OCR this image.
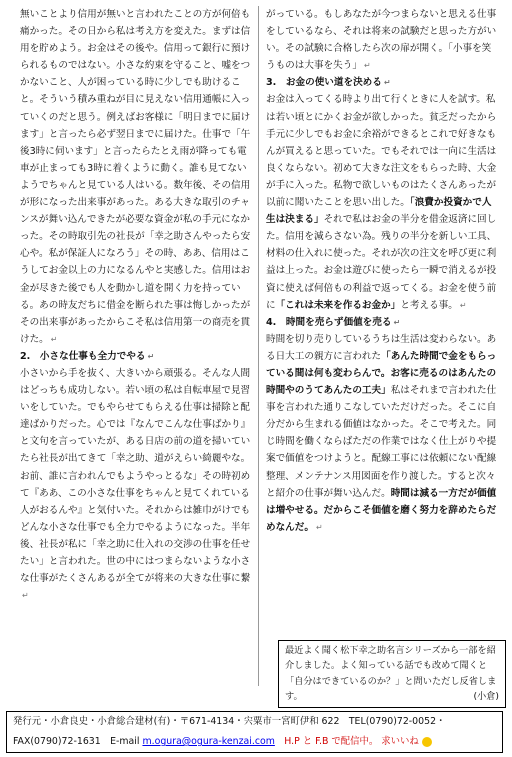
無いことより信用が無いと言われたことの方が何倍も痛かった。その日から私は考え方を変えた。まずは信用を貯めよう。お金はその後や。信用って銀行に預けられるものではない。小さな約束を守ること、嘘をつかないこと、人が困っている時に少しでも助けること。そういう積み重ねが目に見えない信用通帳に入っていくのだと思う。例えばお客様に「明日までに届けます」と言ったら必ず翌日までに届けた。仕事で「午後3時に伺います」と言ったらたとえ雨が降っても電車が止まっても3時に着くように動く。誰も見てないようでちゃんと見ている人はいる。数年後、その信用が形になった出来事があった。ある大きな取引のチャンスが舞い込んできたが必要な資金が私の手元になかった。その時取引先の社長が「幸之助さんやったら安心や。私が保証人になろう」その時、ああ、信用はこうしてお金以上の力になるんやと実感した。信用はお金が尽きた後でも人を動かし道を開く力を持っている。あの時友だちに借金を断られた事は悔しかったがその出来事があったからこそ私は信用第一の商売を貫けた。 ↵

2.　小さな仕事も全力でやる ↵

小さいから手を抜く、大きいから頑張る。そんな人間はどっちも成功しない。若い頃の私は自転車屋で見習いをしていた。でもやらせてもらえる仕事は掃除と配達ばかりだった。心では『なんでこんな仕事ばかり』と文句を言っていたが、ある日店の前の道を掃いていたら社長が出てきて「幸之助、道がえらい綺麗やな。お前、誰に言われんでもようやっとるな」その時初めて『ああ、この小さな仕事をちゃんと見てくれている人がおるんや』と気付いた。それからは雑巾がけでもどんな小さな仕事でも全力でやるようになった。半年後、社長が私に「幸之助に仕入れの交渉の仕事を任せたい」と言われた。世の中にはつまらないような小さな仕事がたくさんあるが全てが将来の大きな仕事に繋↵

がっている。もしあなたが今つまらないと思える仕事をしているなら、それは将来の試験だと思った方がいい。その試験に合格したら次の扉が開く。「小事を笑うものは大事を失う」 ↵

3.　お金の使い道を決める ↵

お金は入ってくる時より出て行くときに人を試す。私は若い頃とにかくお金が欲しかった。貧乏だったから手元に少しでもお金に余裕ができるとこれで好きなもんが買えると思っていた。でもそれでは一向に生活は良くならない。初めて大きな注文をもらった時、大金が手に入った。私物で欲しいものはたくさんあったが以前に聞いたことを思い出した。「浪費か投資かで人生は決まる」それで私はお金の半分を借金返済に回した。信用を減らさない為。残りの半分を新しい工具、材料の仕入れに使った。それが次の注文を呼び更に利益は上った。お金は遊びに使ったら一瞬で消えるが投資に使えば何倍もの利益で返ってくる。お金を使う前に「これは未来を作るお金か」と考える事。 ↵

4.　時間を売らず価値を売る ↵

時間を切り売りしているうちは生活は変わらない。ある日大工の親方に言われた「あんた時間で金をもらっている間は何も変わらんで。お客に売るのはあんたの時間やのうてあんたの工夫」私はそれまで言われた仕事を言われた通りこなしていただけだった。そこに自分だから生まれる価値はなかった。そこで考えた。同じ時間を働くならばただの作業ではなく仕上がりや提案で価値をつけようと。配線工事には依頼にない配線整理、メンテナンス用図面を作り渡した。すると次々と紹介の仕事が舞い込んだ。時間は減る一方だが価値は増やせる。だからこそ価値を磨く努力を辞めたらだめなんだ。 ↵

最近よく聞く松下幸之助名言シリーズから一部を紹介しました。よく知っている話でも改めて聞くと「自分はできているのか？」と問いただし反省します。	(小倉)
発行元・小倉良史・小倉総合建材(有)・〒671-4134・宍粟市一宮町伊和 622　TEL(0790)72-0052・
FAX(0790)72-1631　E-mail m.ogura@ogura-kenzai.com　H.P と F.B で配信中。 求いいね
